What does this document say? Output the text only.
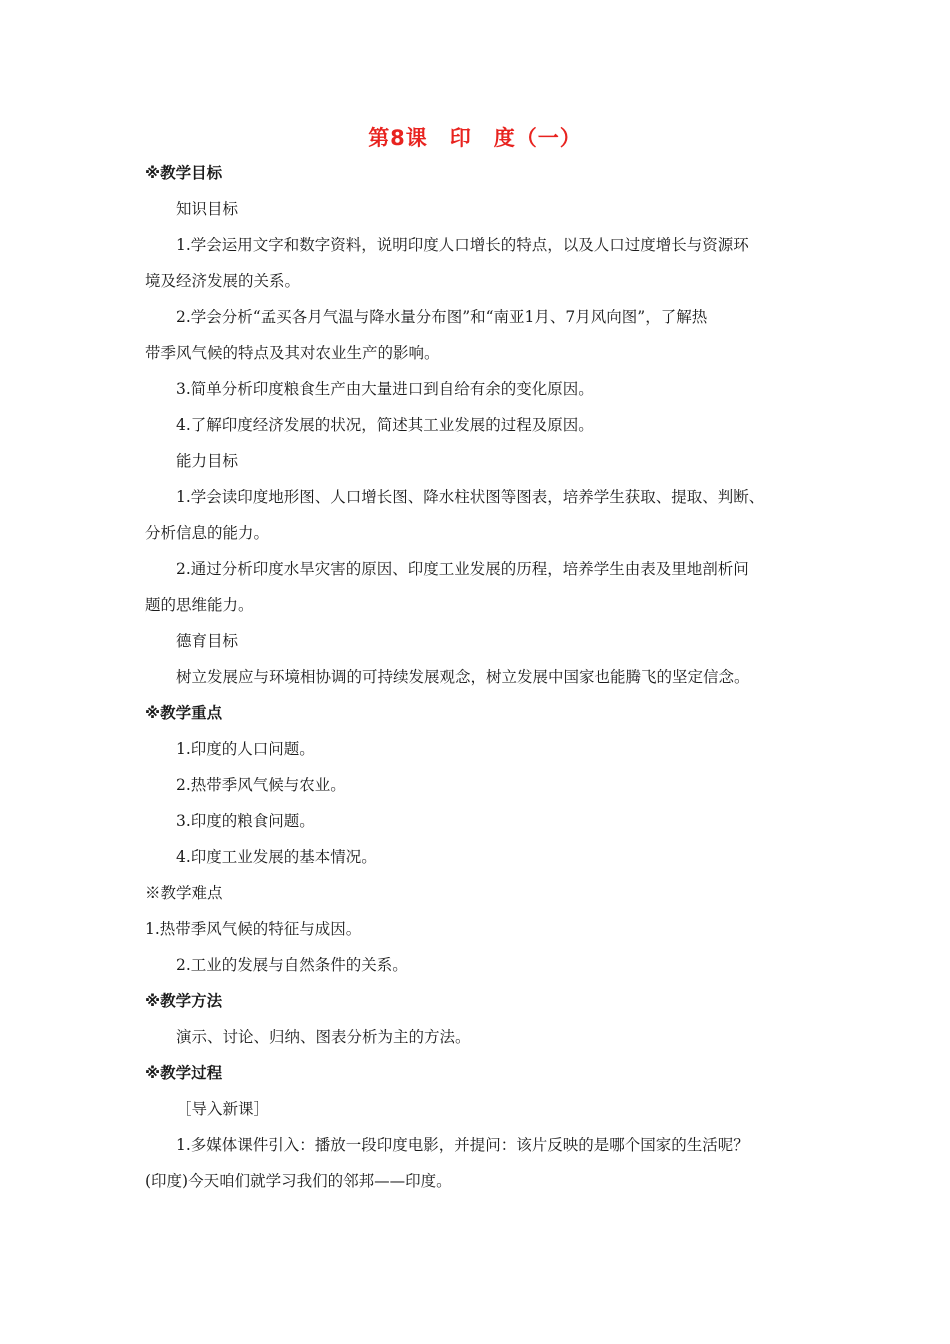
第8课　印　度（一）
※教学目标
知识目标
1.学会运用文字和数字资料，说明印度人口增长的特点，以及人口过度增长与资源环
境及经济发展的关系。
2.学会分析“孟买各月气温与降水量分布图”和“南亚1月、7月风向图”，了解热
带季风气候的特点及其对农业生产的影响。
3.简单分析印度粮食生产由大量进口到自给有余的变化原因。
4.了解印度经济发展的状况，简述其工业发展的过程及原因。
能力目标
1.学会读印度地形图、人口增长图、降水柱状图等图表，培养学生获取、提取、判断、
分析信息的能力。
2.通过分析印度水旱灾害的原因、印度工业发展的历程，培养学生由表及里地剖析问
题的思维能力。
德育目标
树立发展应与环境相协调的可持续发展观念，树立发展中国家也能腾飞的坚定信念。
※教学重点
1.印度的人口问题。
2.热带季风气候与农业。
3.印度的粮食问题。
4.印度工业发展的基本情况。
※教学难点
1.热带季风气候的特征与成因。
2.工业的发展与自然条件的关系。
※教学方法
演示、讨论、归纳、图表分析为主的方法。
※教学过程
［导入新课］
1.多媒体课件引入：播放一段印度电影，并提问：该片反映的是哪个国家的生活呢？
(印度)今天咱们就学习我们的邻邦——印度。
